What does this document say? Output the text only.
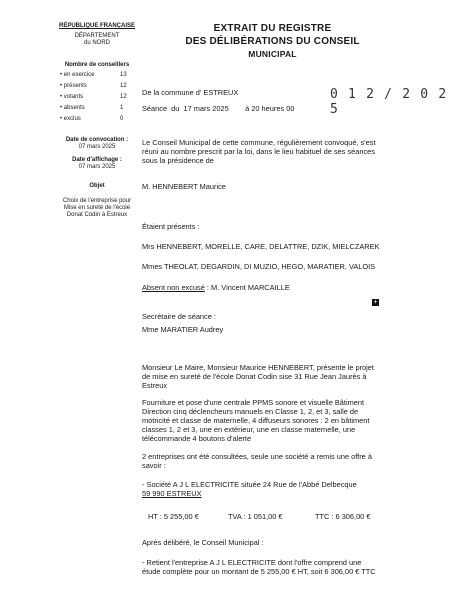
RÉPUBLIQUE FRANÇAISE
DÉPARTEMENT
du NORD
Nombre de conseillers
• en exercice	13
• présents	12
• votants	12
• absents	1
• exclus	0
Date de convocation :
07 mars 2025
Date d'affichage :
07 mars 2025
Objet
Choix de l'entreprise pour
Mise en sureté de l'école
Donat Codin à Estreux
EXTRAIT DU REGISTRE
DES DÉLIBÉRATIONS DU CONSEIL
MUNICIPAL
0 1 2 / 2 0 2 5
De la commune d' ESTREUX
Séance  du  17 mars 2025        à 20 heures 00
Le Conseil Municipal de cette commune, régulièrement convoqué, s'est
réuni au nombre prescrit par la loi, dans le lieu habituel de ses séances
sous la présidence de
M. HENNEBERT Maurice
Étaient présents :
Mrs HENNEBERT, MORELLE, CARE, DELATTRE, DZIK, MIELCZAREK
Mmes THEOLAT, DEGARDIN, DI MUZIO, HEGO, MARATIER, VALOIS
Absent non excusé : M. Vincent MARCAILLE
+
Secrétaire de séance :
Mme MARATIER Audrey
Monsieur Le Maire, Monsieur Maurice HENNEBERT, présente le projet
de mise en sureté de l'école Donat Codin sise 31 Rue Jean Jaurès à
Estreux
Fourniture et pose d'une centrale PPMS sonore et visuelle Bâtiment
Direction cinq déclencheurs manuels en Classe 1, 2, et 3, salle de
motricité et classe de maternelle, 4 diffuseurs sonores : 2 en bâtiment
classes 1, 2 et 3, une en extérieur, une en classe maternelle, une
télécommande 4 boutons d'alerte
2 entreprises ont été consultées, seule une société a remis une offre à
savoir :
- Société A J L ELECTRICITE située 24 Rue de l'Abbé Delbecque
59 990 ESTREUX
HT : 5 255,00 €	TVA : 1 051,00 €	TTC : 6 306,00 €
Après délibéré, le Conseil Municipal :
- Retient l'entreprise A J L ELECTRICITE dont l'offre comprend une
étude complète pour un montant de 5 255,00 € HT, soit 6 306,00 € TTC
